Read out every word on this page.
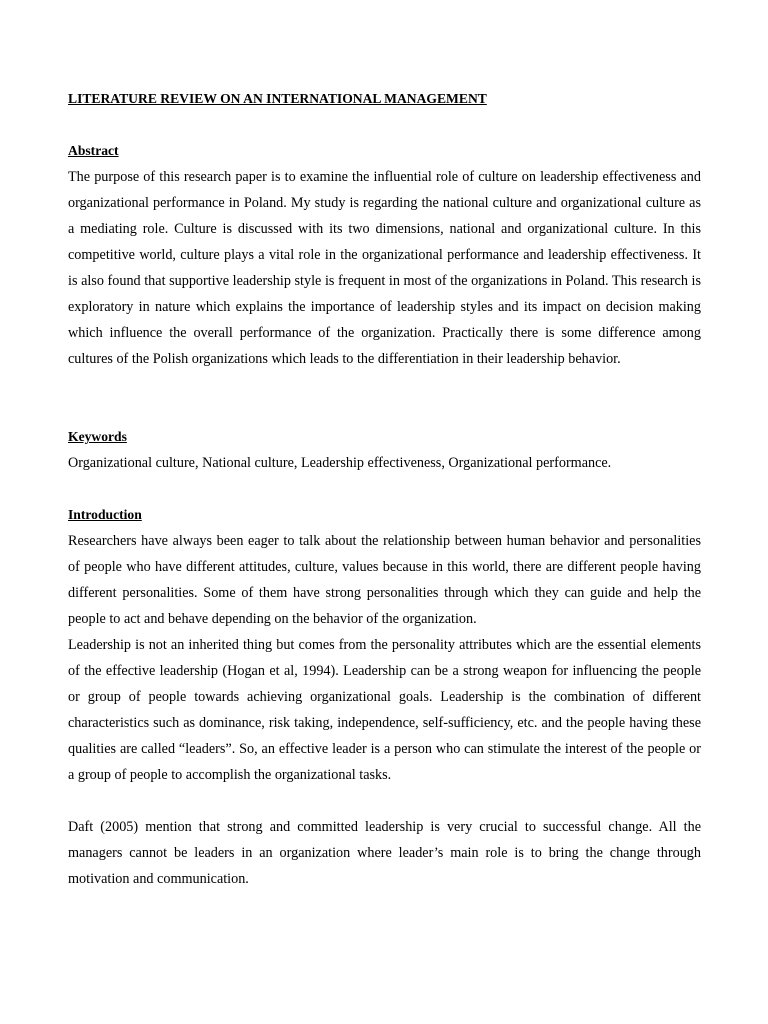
LITERATURE REVIEW ON AN INTERNATIONAL MANAGEMENT
Abstract
The purpose of this research paper is to examine the influential role of culture on leadership effectiveness and organizational performance in Poland. My study is regarding the national culture and organizational culture as a mediating role. Culture is discussed with its two dimensions, national and organizational culture. In this competitive world, culture plays a vital role in the organizational performance and leadership effectiveness. It is also found that supportive leadership style is frequent in most of the organizations in Poland. This research is exploratory in nature which explains the importance of leadership styles and its impact on decision making which influence the overall performance of the organization. Practically there is some difference among cultures of the Polish organizations which leads to the differentiation in their leadership behavior.
Keywords
Organizational culture, National culture, Leadership effectiveness, Organizational performance.
Introduction
Researchers have always been eager to talk about the relationship between human behavior and personalities of people who have different attitudes, culture, values because in this world, there are different people having different personalities. Some of them have strong personalities through which they can guide and help the people to act and behave depending on the behavior of the organization.
Leadership is not an inherited thing but comes from the personality attributes which are the essential elements of the effective leadership (Hogan et al, 1994). Leadership can be a strong weapon for influencing the people or group of people towards achieving organizational goals. Leadership is the combination of different characteristics such as dominance, risk taking, independence, self-sufficiency, etc. and the people having these qualities are called “leaders”. So, an effective leader is a person who can stimulate the interest of the people or a group of people to accomplish the organizational tasks.
Daft (2005) mention that strong and committed leadership is very crucial to successful change. All the managers cannot be leaders in an organization where leader’s main role is to bring the change through motivation and communication.
